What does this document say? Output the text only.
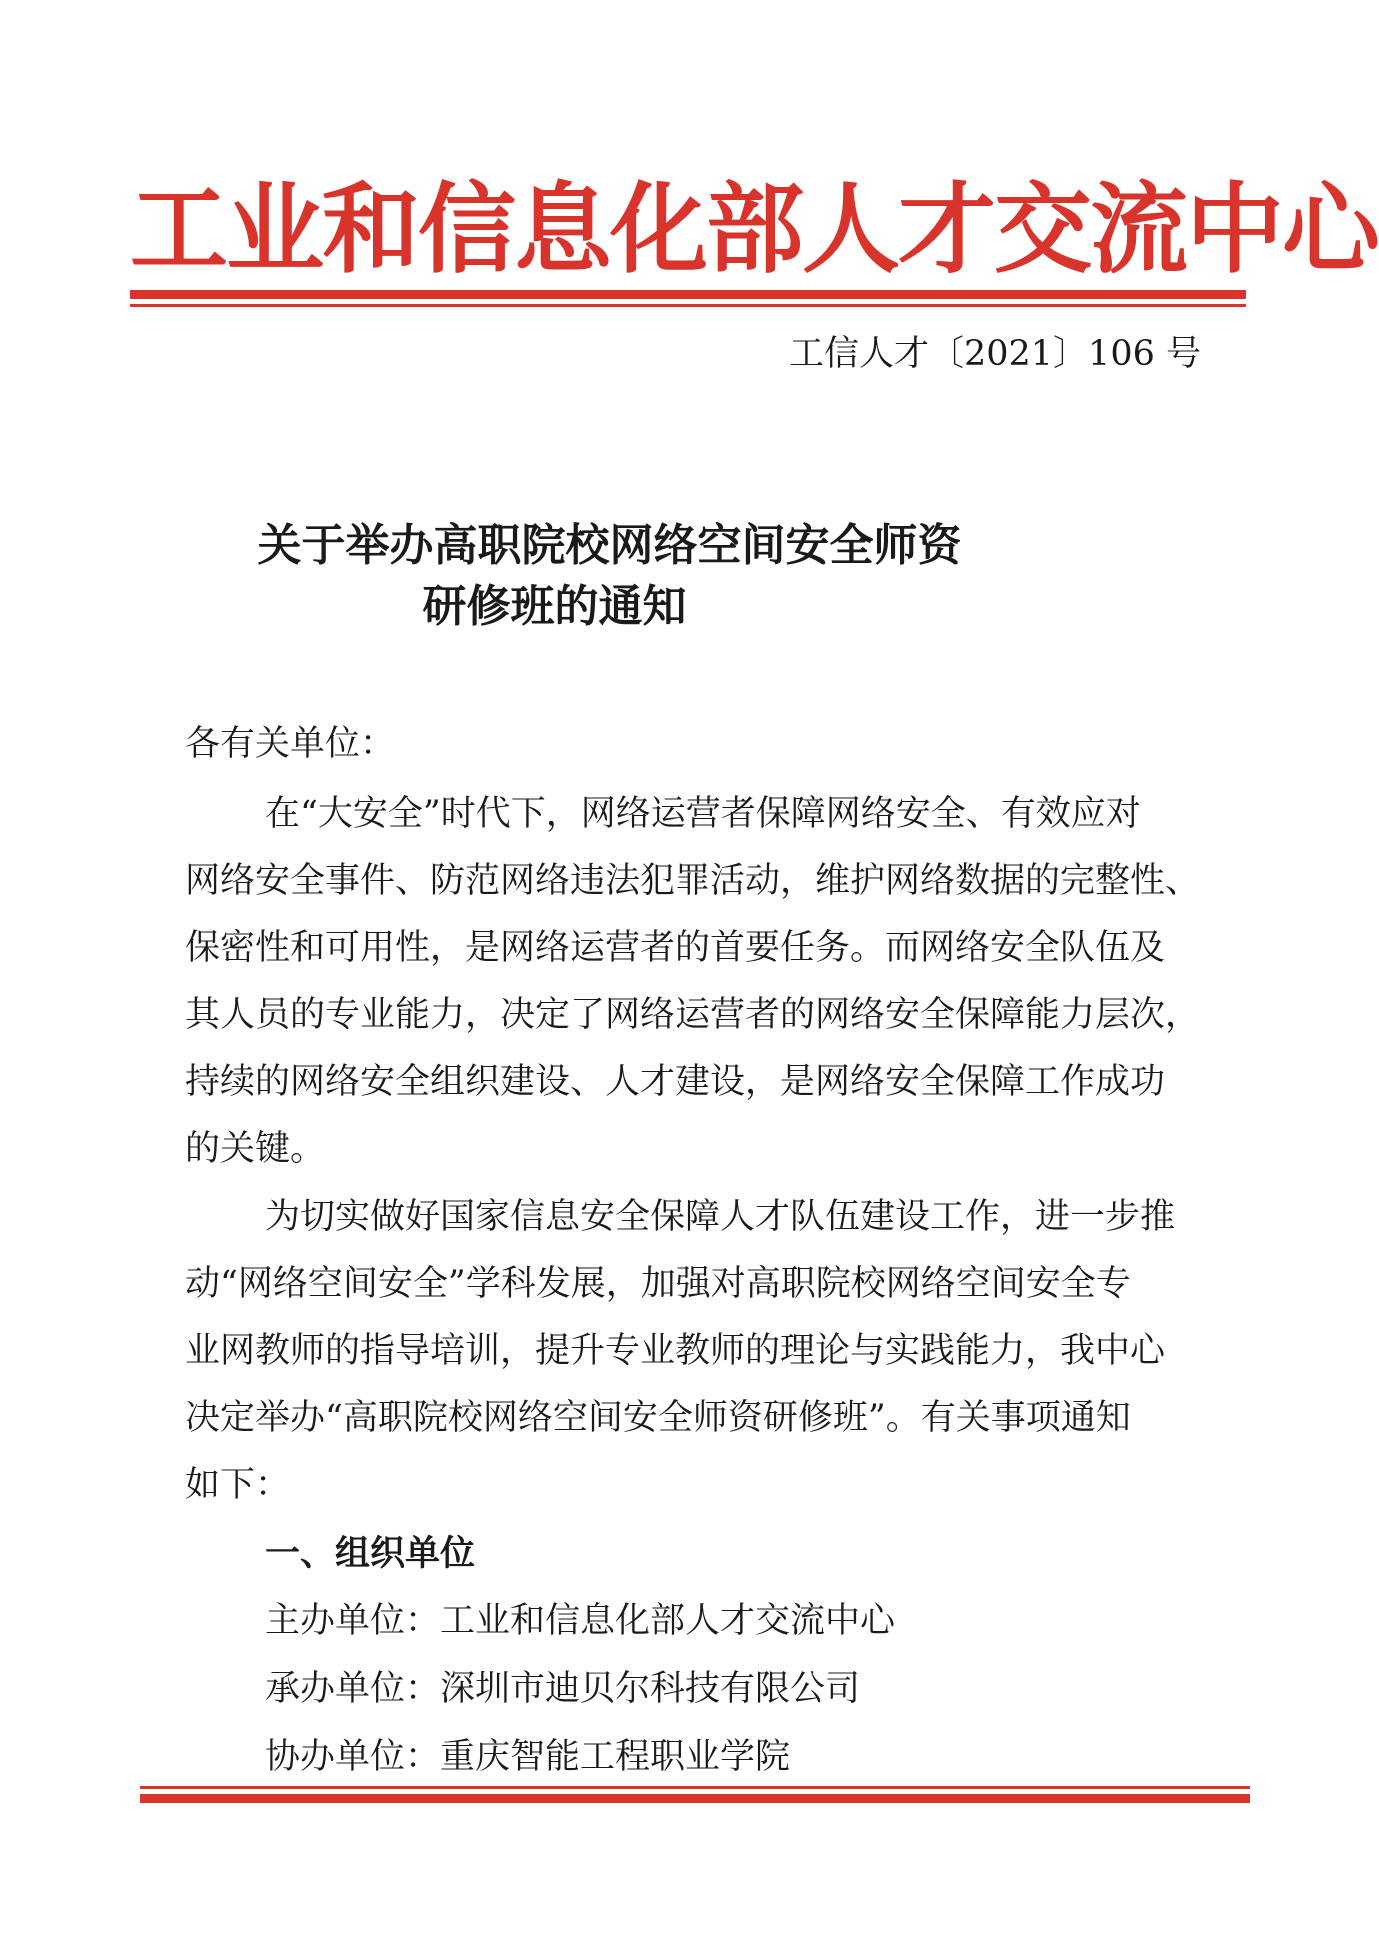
工业和信息化部人才交流中心
工信人才〔2021〕106 号
关于举办高职院校网络空间安全师资
研修班的通知
各有关单位：
在“大安全”时代下，网络运营者保障网络安全、有效应对
网络安全事件、防范网络违法犯罪活动，维护网络数据的完整性、
保密性和可用性，是网络运营者的首要任务。而网络安全队伍及
其人员的专业能力，决定了网络运营者的网络安全保障能力层次，
持续的网络安全组织建设、人才建设，是网络安全保障工作成功
的关键。
为切实做好国家信息安全保障人才队伍建设工作，进一步推
动“网络空间安全”学科发展，加强对高职院校网络空间安全专
业网教师的指导培训，提升专业教师的理论与实践能力，我中心
决定举办“高职院校网络空间安全师资研修班”。有关事项通知
如下：
一、组织单位
主办单位：工业和信息化部人才交流中心
承办单位：深圳市迪贝尔科技有限公司
协办单位：重庆智能工程职业学院
